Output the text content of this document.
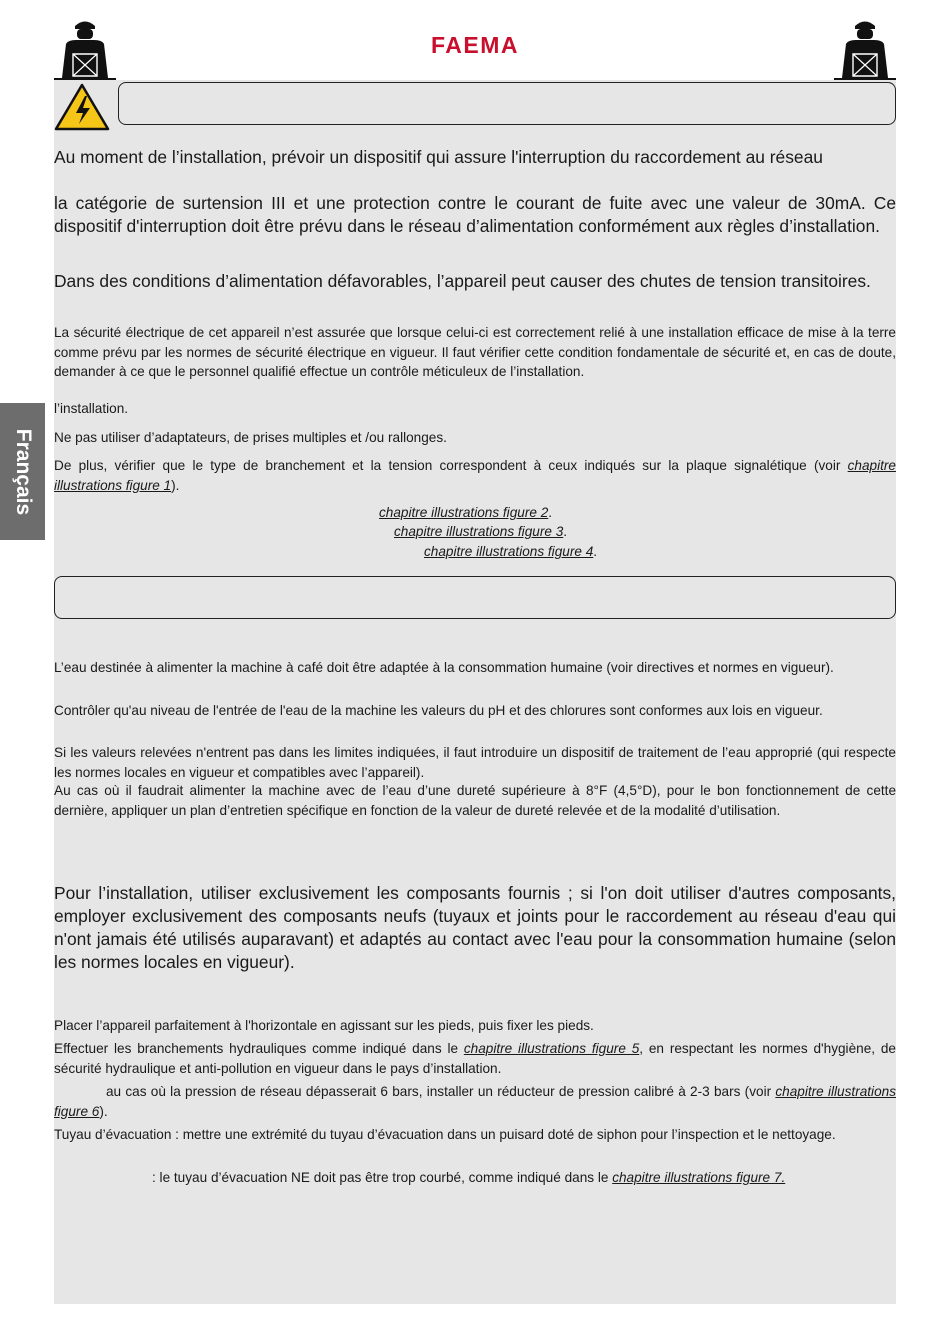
FAEMA
Français

Au moment de l’installation, prévoir un dispositif qui assure l'interruption du raccordement au réseau

la catégorie de surtension III et une protection contre le courant de fuite avec une valeur de 30mA. Ce dispositif d'interruption doit être prévu dans le réseau d’alimentation conformément aux règles d’installation.

Dans des conditions d’alimentation défavorables, l’appareil peut causer des chutes de tension transitoires.

La sécurité électrique de cet appareil n’est assurée que lorsque celui-ci est correctement relié à une installation efficace de mise à la terre comme prévu par les normes de sécurité électrique en vigueur. Il faut vérifier cette condition fondamentale de sécurité et, en cas de doute, demander à ce que le personnel qualifié effectue un contrôle méticuleux de l’installation.

l’installation.

Ne pas utiliser d’adaptateurs, de prises multiples et /ou rallonges.

De plus, vérifier que le type de branchement et la tension correspondent à ceux indiqués sur la plaque signalétique (voir chapitre illustrations figure 1).

chapitre illustrations figure 2.

chapitre illustrations figure 3.

chapitre illustrations figure 4.

L’eau destinée à alimenter la machine à café doit être adaptée à la consommation humaine (voir directives et normes en vigueur).

Contrôler qu'au niveau de l'entrée de l'eau de la machine les valeurs du pH et des chlorures sont conformes aux lois en vigueur.

Si les valeurs relevées n'entrent pas dans les limites indiquées, il faut introduire un dispositif de traitement de l’eau approprié (qui respecte les normes locales en vigueur et compatibles avec l’appareil).

Au cas où il faudrait alimenter la machine avec de l’eau d’une dureté supérieure à 8°F (4,5°D), pour le bon fonctionnement de cette dernière, appliquer un plan d’entretien spécifique en fonction de la valeur de dureté relevée et de la modalité d’utilisation.

Pour l’installation, utiliser exclusivement les composants fournis ; si l'on doit utiliser d'autres composants, employer exclusivement des composants neufs (tuyaux et joints pour le raccordement au réseau d'eau qui n'ont jamais été utilisés auparavant) et adaptés au contact avec l'eau pour la consommation humaine (selon les normes locales en vigueur).

Placer l’appareil parfaitement à l'horizontale en agissant sur les pieds, puis fixer les pieds.

Effectuer les branchements hydrauliques comme indiqué dans le chapitre illustrations figure 5, en respectant les normes d'hygiène, de sécurité hydraulique et anti-pollution en vigueur dans le pays d’installation.

au cas où la pression de réseau dépasserait 6 bars, installer un réducteur de pression calibré à 2-3 bars (voir chapitre illustrations figure 6).

Tuyau d’évacuation : mettre une extrémité du tuyau d’évacuation dans un puisard doté de siphon pour l’inspection et le nettoyage.

: le tuyau d’évacuation NE doit pas être trop courbé, comme indiqué dans le chapitre illustrations figure 7.
